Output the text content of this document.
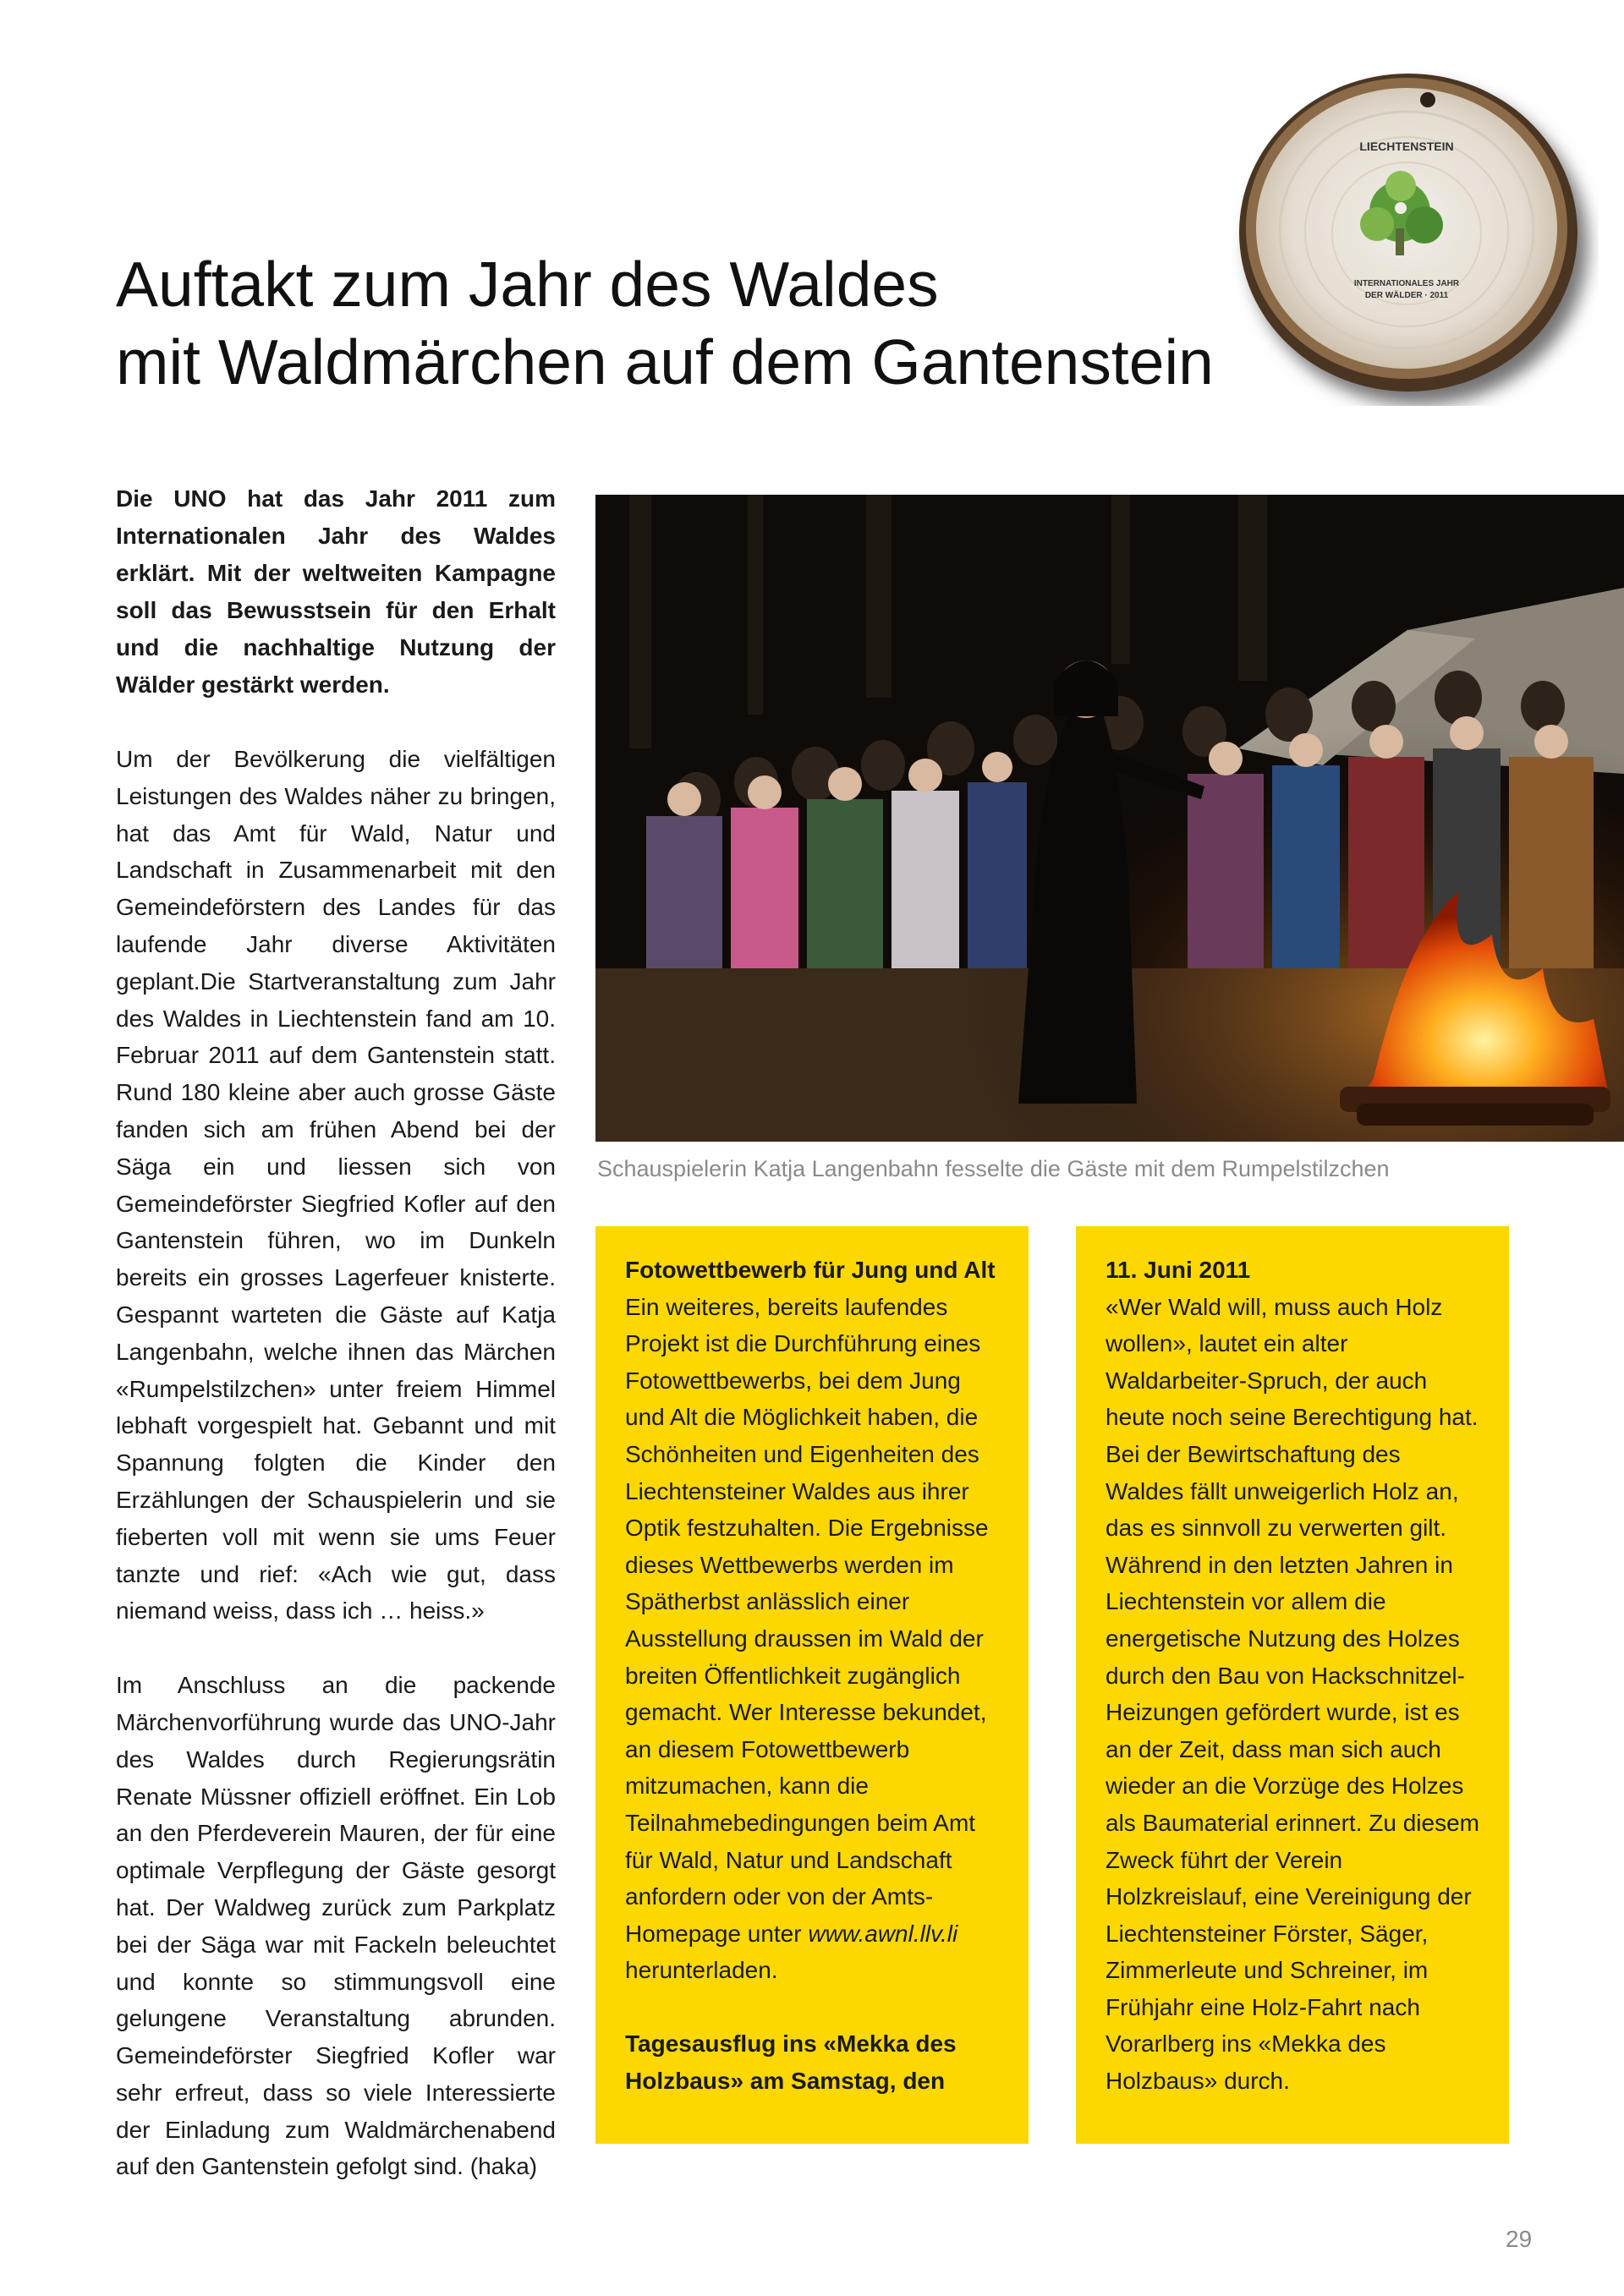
LIECHTENSTEIN
INTERNATIONALES JAHR
DER WÄLDER · 2011

Auftakt zum Jahr des Waldes

mit Waldmärchen auf dem Gantenstein

Die UNO hat das Jahr 2011 zum Internationalen Jahr des Waldes erklärt. Mit der weltweiten Kampagne soll das Bewusstsein für den Erhalt und die nachhaltige Nutzung der Wälder gestärkt werden.

Um der Bevölkerung die vielfältigen Leistungen des Waldes näher zu bringen, hat das Amt für Wald, Natur und Landschaft in Zusammenarbeit mit den Gemeindeförstern des Landes für das laufende Jahr diverse Aktivitäten geplant.Die Startveranstaltung zum Jahr des Waldes in Liechtenstein fand am 10. Februar 2011 auf dem Gantenstein statt. Rund 180 kleine aber auch grosse Gäste fanden sich am frühen Abend bei der Säga ein und liessen sich von Gemeindeförster Siegfried Kofler auf den Gantenstein führen, wo im Dunkeln bereits ein grosses Lagerfeuer knisterte. Gespannt warteten die Gäste auf Katja Langenbahn, welche ihnen das Märchen «Rumpelstilzchen» unter freiem Himmel lebhaft vorgespielt hat. Gebannt und mit Spannung folgten die Kinder den Erzählungen der Schauspielerin und sie fieberten voll mit wenn sie ums Feuer tanzte und rief: «Ach wie gut, dass niemand weiss, dass ich … heiss.»

Im Anschluss an die packende Märchenvorführung wurde das UNO-Jahr des Waldes durch Regierungsrätin Renate Müssner offiziell eröffnet. Ein Lob an den Pferdeverein Mauren, der für eine optimale Verpflegung der Gäste gesorgt hat. Der Waldweg zurück zum Parkplatz bei der Säga war mit Fackeln beleuchtet und konnte so stimmungsvoll eine gelungene Veranstaltung abrunden. Gemeindeförster Siegfried Kofler war sehr erfreut, dass so viele Interessierte der Einladung zum Waldmärchenabend auf den Gantenstein gefolgt sind. (haka)

Schauspielerin Katja Langenbahn fesselte die Gäste mit dem Rumpelstilzchen

Fotowettbewerb für Jung und Alt

Ein weiteres, bereits laufendes Projekt ist die Durchführung eines Fotowettbewerbs, bei dem Jung und Alt die Möglichkeit haben, die Schönheiten und Eigenheiten des Liechtensteiner Waldes aus ihrer Optik festzuhalten. Die Ergebnisse dieses Wettbewerbs werden im Spätherbst anlässlich einer Ausstellung draussen im Wald der breiten Öffentlichkeit zugänglich gemacht. Wer Interesse bekundet, an diesem Fotowettbewerb mitzumachen, kann die Teilnahmebedingungen beim Amt für Wald, Natur und Landschaft anfordern oder von der Amts-Homepage unter www.awnl.llv.li herunterladen.

Tagesausflug ins «Mekka des Holzbaus» am Samstag, den

11. Juni 2011

«Wer Wald will, muss auch Holz wollen», lautet ein alter Waldarbeiter-Spruch, der auch heute noch seine Berechtigung hat. Bei der Bewirtschaftung des Waldes fällt unweigerlich Holz an, das es sinnvoll zu verwerten gilt. Während in den letzten Jahren in Liechtenstein vor allem die energetische Nutzung des Holzes durch den Bau von Hackschnitzel-Heizungen gefördert wurde, ist es an der Zeit, dass man sich auch wieder an die Vorzüge des Holzes als Baumaterial erinnert. Zu diesem Zweck führt der Verein Holzkreislauf, eine Vereinigung der Liechtensteiner Förster, Säger, Zimmerleute und Schreiner, im Frühjahr eine Holz-Fahrt nach Vorarlberg ins «Mekka des Holzbaus» durch.

29
